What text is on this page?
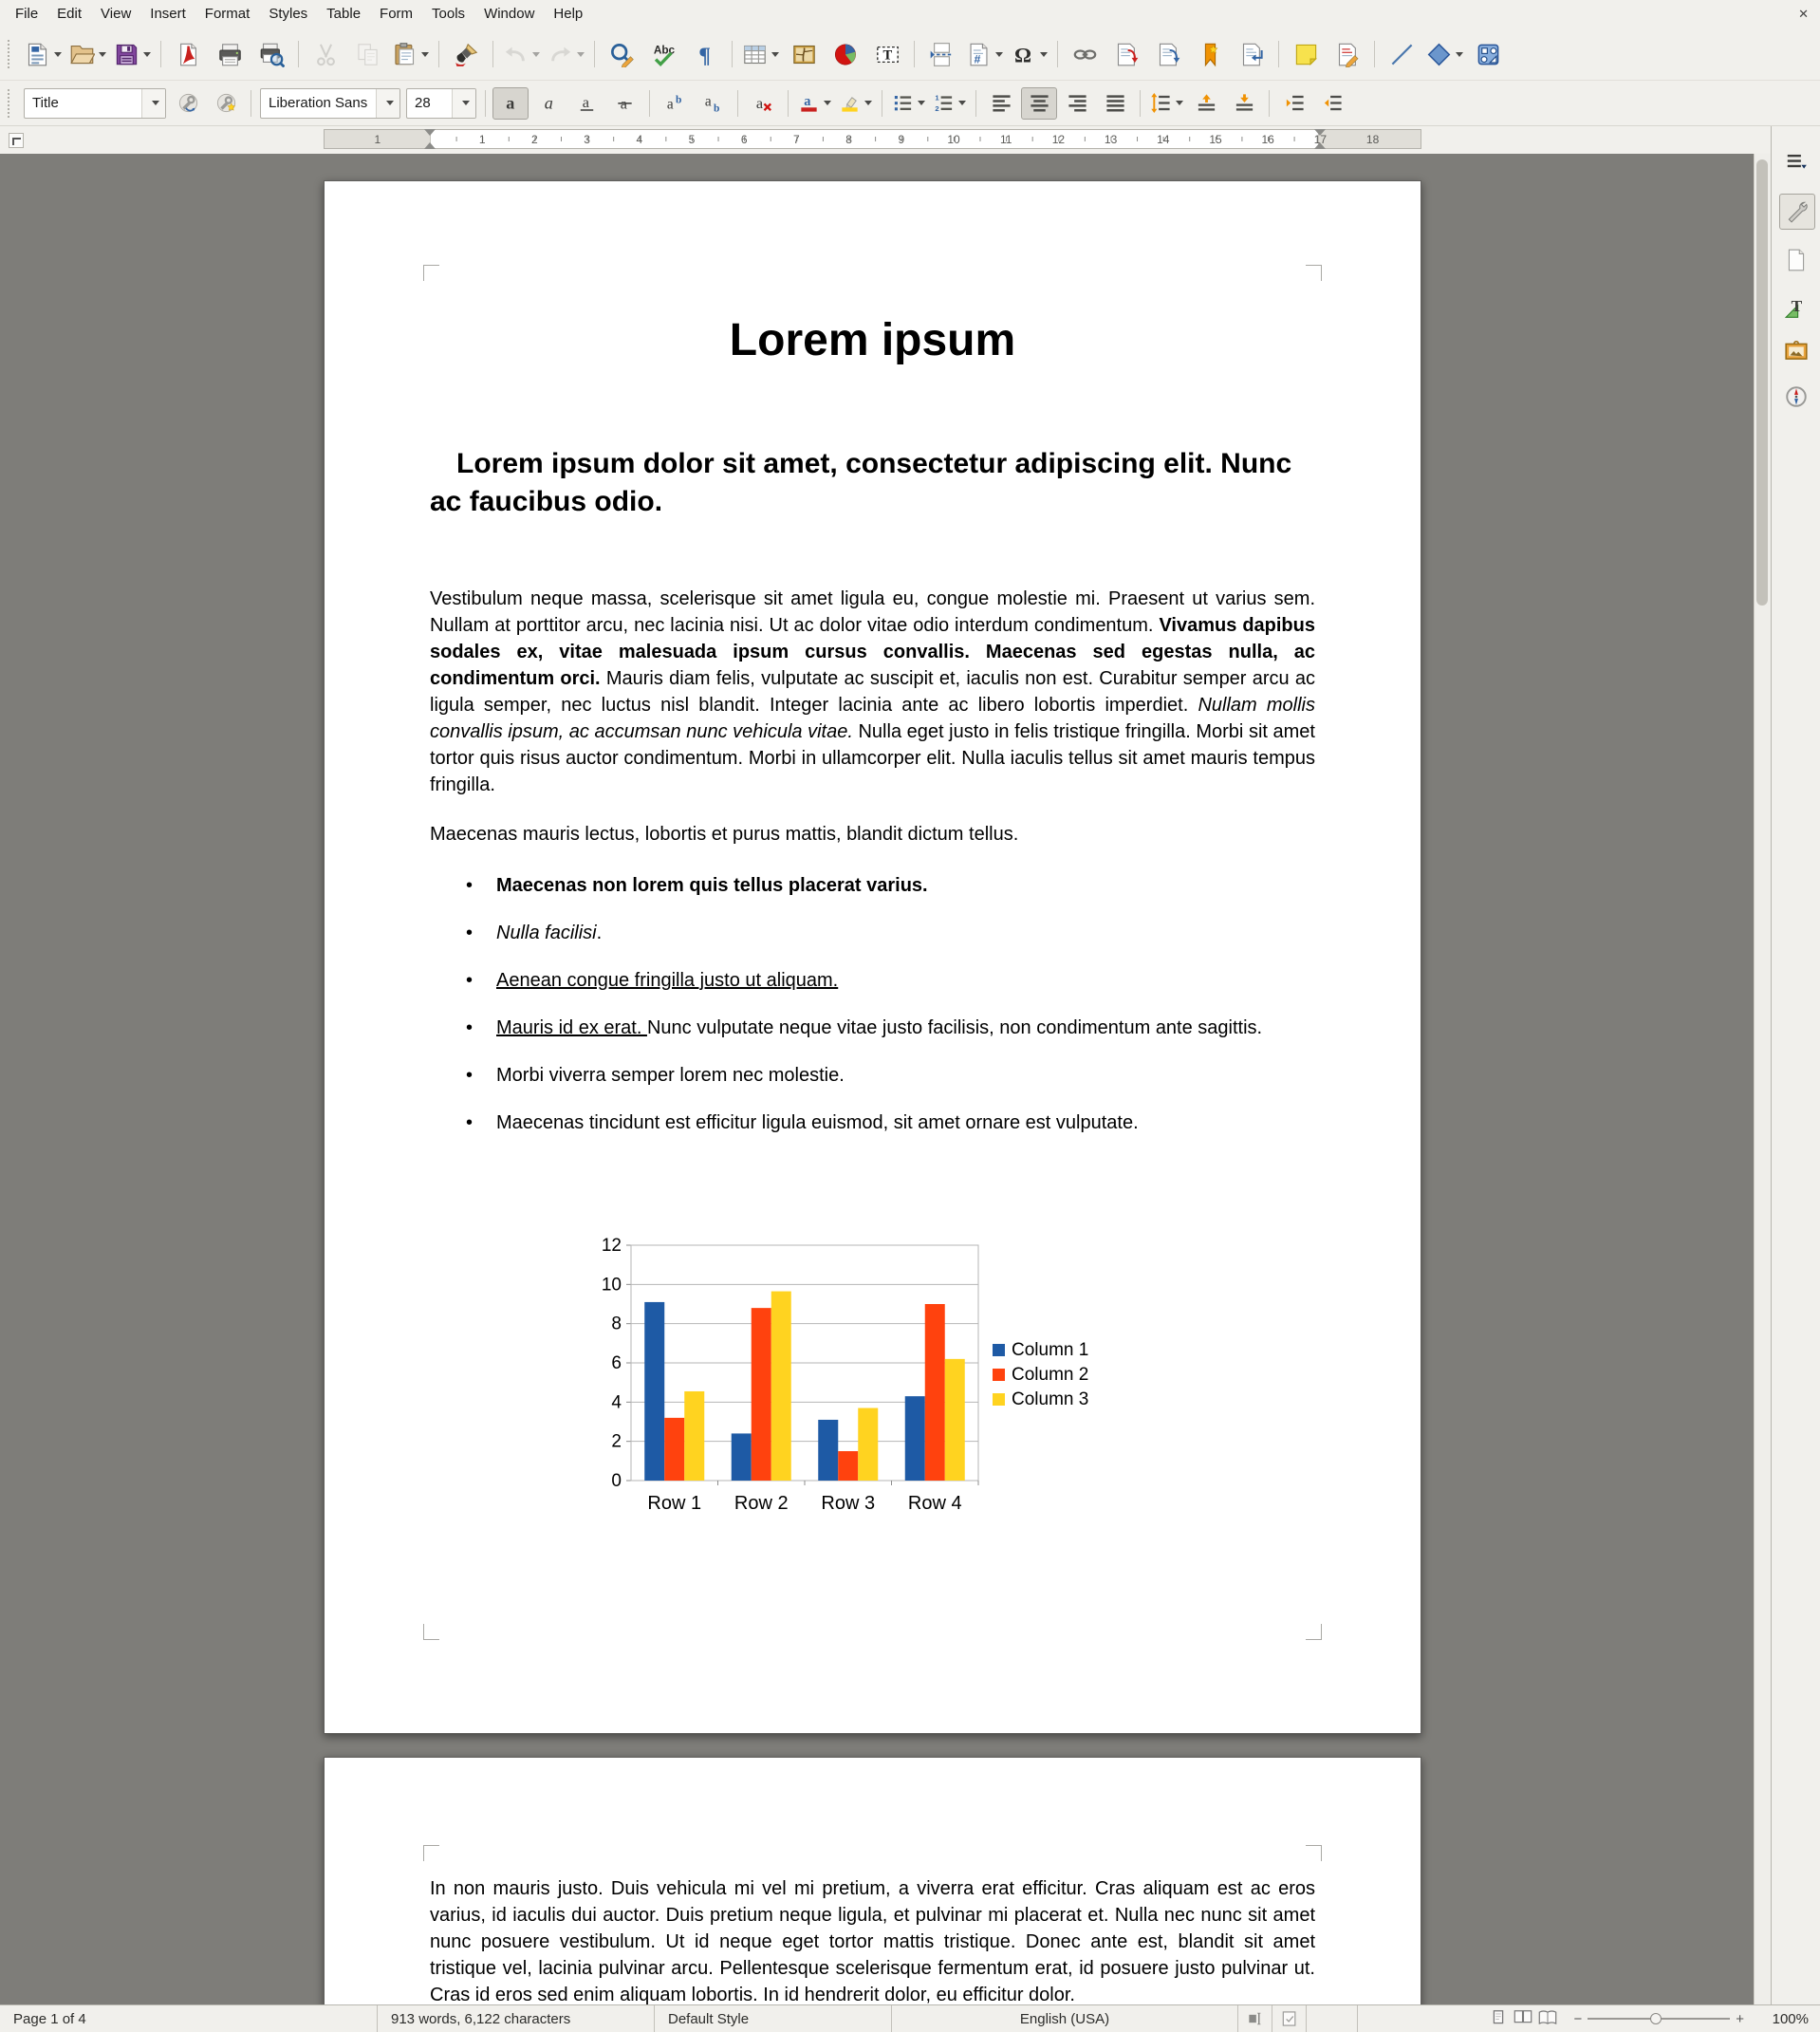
File	Edit	View	Insert	Format	Styles	Table	Form	Tools	Window	Help	✕
Title	Liberation Sans	28
1	1	2	3	4	5	6	7	8	9	10	11	12	13	14	15	16	17	18
Lorem ipsum
Lorem ipsum dolor sit amet, consectetur adipiscing elit. Nunc ac faucibus odio.

Vestibulum neque massa, scelerisque sit amet ligula eu, congue molestie mi. Praesent ut varius sem. Nullam at porttitor arcu, nec lacinia nisi. Ut ac dolor vitae odio interdum condimentum. Vivamus dapibus sodales ex, vitae malesuada ipsum cursus convallis. Maecenas sed egestas nulla, ac condimentum orci. Mauris diam felis, vulputate ac suscipit et, iaculis non est. Curabitur semper arcu ac ligula semper, nec luctus nisl blandit. Integer lacinia ante ac libero lobortis imperdiet. Nullam mollis convallis ipsum, ac accumsan nunc vehicula vitae. Nulla eget justo in felis tristique fringilla. Morbi sit amet tortor quis risus auctor condimentum. Morbi in ullamcorper elit. Nulla iaculis tellus sit amet mauris tempus fringilla.

Maecenas mauris lectus, lobortis et purus mattis, blandit dictum tellus.

• Maecenas non lorem quis tellus placerat varius.
• Nulla facilisi.
• Aenean congue fringilla justo ut aliquam.
• Mauris id ex erat. Nunc vulputate neque vitae justo facilisis, non condimentum ante sagittis.
• Morbi viverra semper lorem nec molestie.
• Maecenas tincidunt est efficitur ligula euismod, sit amet ornare est vulputate.
0
2
4
6
8
10
12
Row 1 Row 2 Row 3 Row 4
Column 1
Column 2
Column 3

In non mauris justo. Duis vehicula mi vel mi pretium, a viverra erat efficitur. Cras aliquam est ac eros varius, id iaculis dui auctor. Duis pretium neque ligula, et pulvinar mi placerat et. Nulla nec nunc sit amet nunc posuere vestibulum. Ut id neque eget tortor mattis tristique. Donec ante est, blandit sit amet tristique vel, lacinia pulvinar arcu. Pellentesque scelerisque fermentum erat, id posuere justo pulvinar ut. Cras id eros sed enim aliquam lobortis. In id hendrerit dolor, eu efficitur dolor.

Page 1 of 4	913 words, 6,122 characters	Default Style	English (USA)	−	+	100%
